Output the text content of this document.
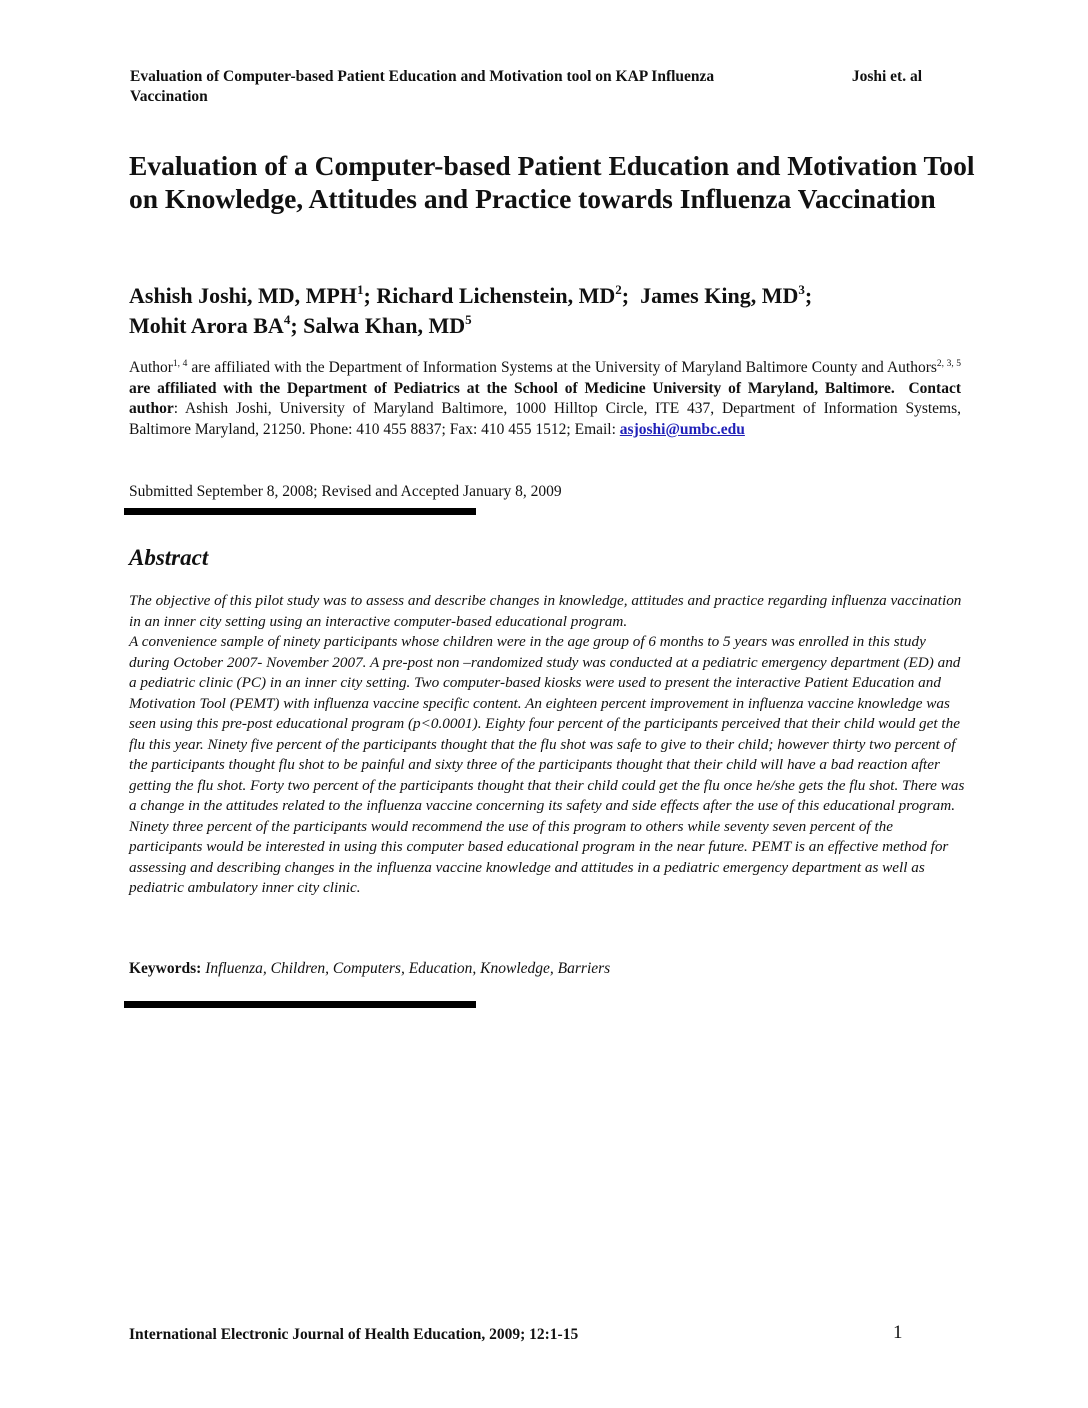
Evaluation of Computer-based Patient Education and Motivation tool on KAP Influenza Vaccination
Joshi et. al
Evaluation of a Computer-based Patient Education and Motivation Tool on Knowledge, Attitudes and Practice towards Influenza Vaccination
Ashish Joshi, MD, MPH$^1$; Richard Lichenstein, $MD^2$;  James King, $MD^3$;
Mohit Arora $BA^4$; Salwa Khan, $MD^5$
Author$^{1, 4}$ are affiliated with the Department of Information Systems at the University of Maryland Baltimore County and Authors$^{2, 3, 5}$ are affiliated with the Department of Pediatrics at the School of Medicine University of Maryland, Baltimore.  Contact author: Ashish Joshi, University of Maryland Baltimore, 1000 Hilltop Circle, ITE 437, Department of Information Systems, Baltimore Maryland, 21250. Phone: 410 455 8837; Fax: 410 455 1512; Email: asjoshi@umbc.edu
Submitted September 8, 2008; Revised and Accepted January 8, 2009
Abstract

The objective of this pilot study was to assess and describe changes in knowledge, attitudes and practice regarding influenza vaccination in an inner city setting using an interactive computer-based educational program.

A convenience sample of ninety participants whose children were in the age group of 6 months to 5 years was enrolled in this study during October 2007- November 2007. A pre-post non –randomized study was conducted at a pediatric emergency department (ED) and a pediatric clinic (PC) in an inner city setting. Two computer-based kiosks were used to present the interactive Patient Education and Motivation Tool (PEMT) with influenza vaccine specific content. An eighteen percent improvement in influenza vaccine knowledge was seen using this pre-post educational program (p<0.0001). Eighty four percent of the participants perceived that their child would get the flu this year. Ninety five percent of the participants thought that the flu shot was safe to give to their child; however thirty two percent of the participants thought flu shot to be painful and sixty three of the participants thought that their child will have a bad reaction after getting the flu shot. Forty two percent of the participants thought that their child could get the flu once he/she gets the flu shot. There was a change in the attitudes related to the influenza vaccine concerning its safety and side effects after the use of this educational program. Ninety three percent of the participants would recommend the use of this program to others while seventy seven percent of the participants would be interested in using this computer based educational program in the near future. PEMT is an effective method for assessing and describing changes in the influenza vaccine knowledge and attitudes in a pediatric emergency department as well as pediatric ambulatory inner city clinic.

Keywords: Influenza, Children, Computers, Education, Knowledge, Barriers
International Electronic Journal of Health Education, 2009; 12:1-15	1
